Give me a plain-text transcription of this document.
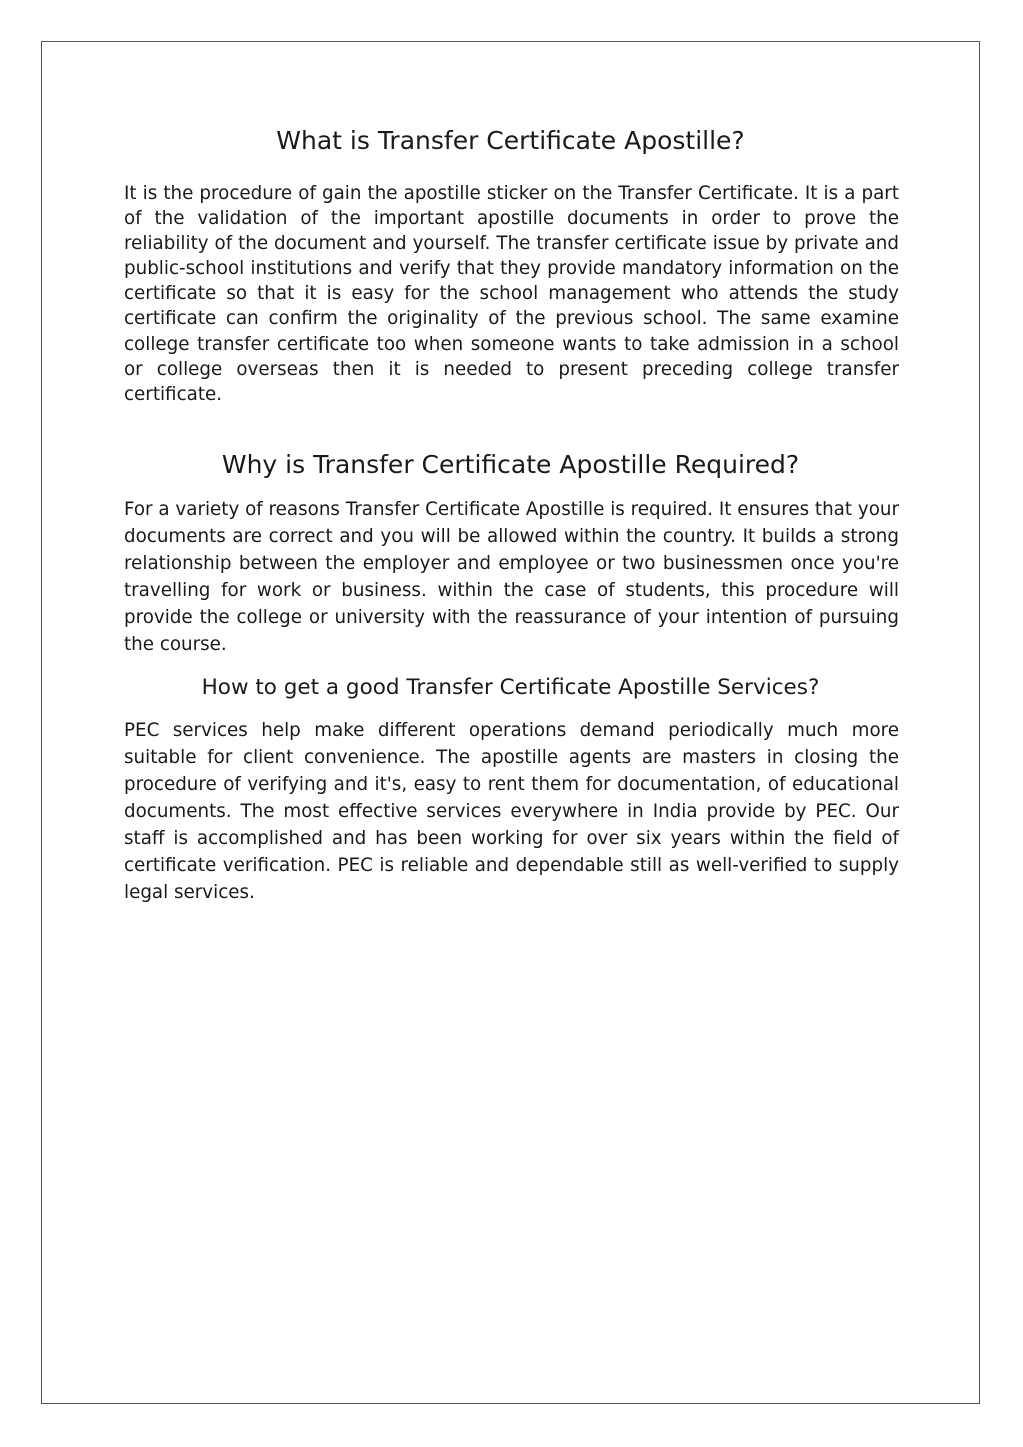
What is Transfer Certificate Apostille?

It is the procedure of gain the apostille sticker on the Transfer Certificate. It is a part of the validation of the important apostille documents in order to prove the reliability of the document and yourself. The transfer certificate issue by private and public-school institutions and verify that they provide mandatory information on the certificate so that it is easy for the school management who attends the study certificate can confirm the originality of the previous school. The same examine college transfer certificate too when someone wants to take admission in a school or college overseas then it is needed to present preceding college transfer certificate.

Why is Transfer Certificate Apostille Required?

For a variety of reasons Transfer Certificate Apostille is required. It ensures that your documents are correct and you will be allowed within the country. It builds a strong relationship between the employer and employee or two businessmen once you're travelling for work or business. within the case of students, this procedure will provide the college or university with the reassurance of your intention of pursuing the course.

How to get a good Transfer Certificate Apostille Services?

PEC services help make different operations demand periodically much more suitable for client convenience. The apostille agents are masters in closing the procedure of verifying and it's, easy to rent them for documentation, of educational documents. The most effective services everywhere in India provide by PEC. Our staff is accomplished and has been working for over six years within the field of certificate verification. PEC is reliable and dependable still as well-verified to supply legal services.
